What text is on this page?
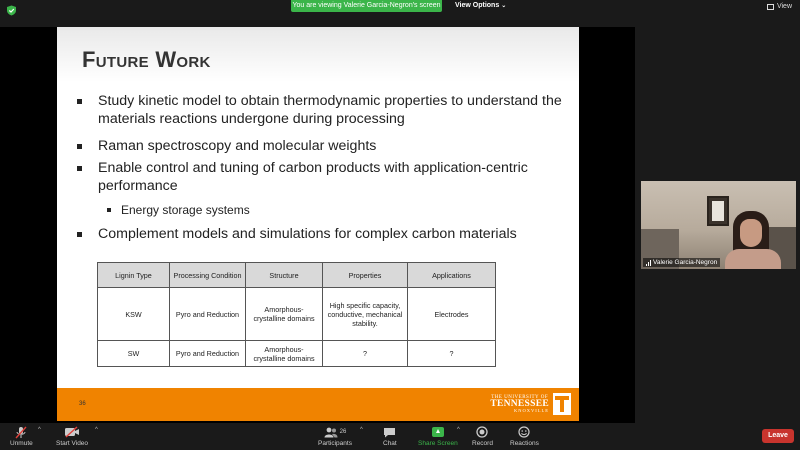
You are viewing Valerie Garcia-Negron's screen View Options ⌄	View
Future Work
Study kinetic model to obtain thermodynamic properties to understand the materials reactions undergone during processing
Raman spectroscopy and molecular weights
Enable control and tuning of carbon products with application-centric performance
Energy storage systems
Complement models and simulations for complex carbon materials
Lignin Type	Processing Condition	Structure	Properties	Applications
KSW	Pyro and Reduction	Amorphous-crystalline domains	High specific capacity, conductive, mechanical stability.	Electrodes
SW	Pyro and Reduction	Amorphous-crystalline domains	?	?
36
THE UNIVERSITY OF
TENNESSEE
KNOXVILLE
Valerie Garcia-Negron
Unmute
^
Start Video
^	26
Participants
^
Chat	Share Screen
^
Record	Reactions
Leave
